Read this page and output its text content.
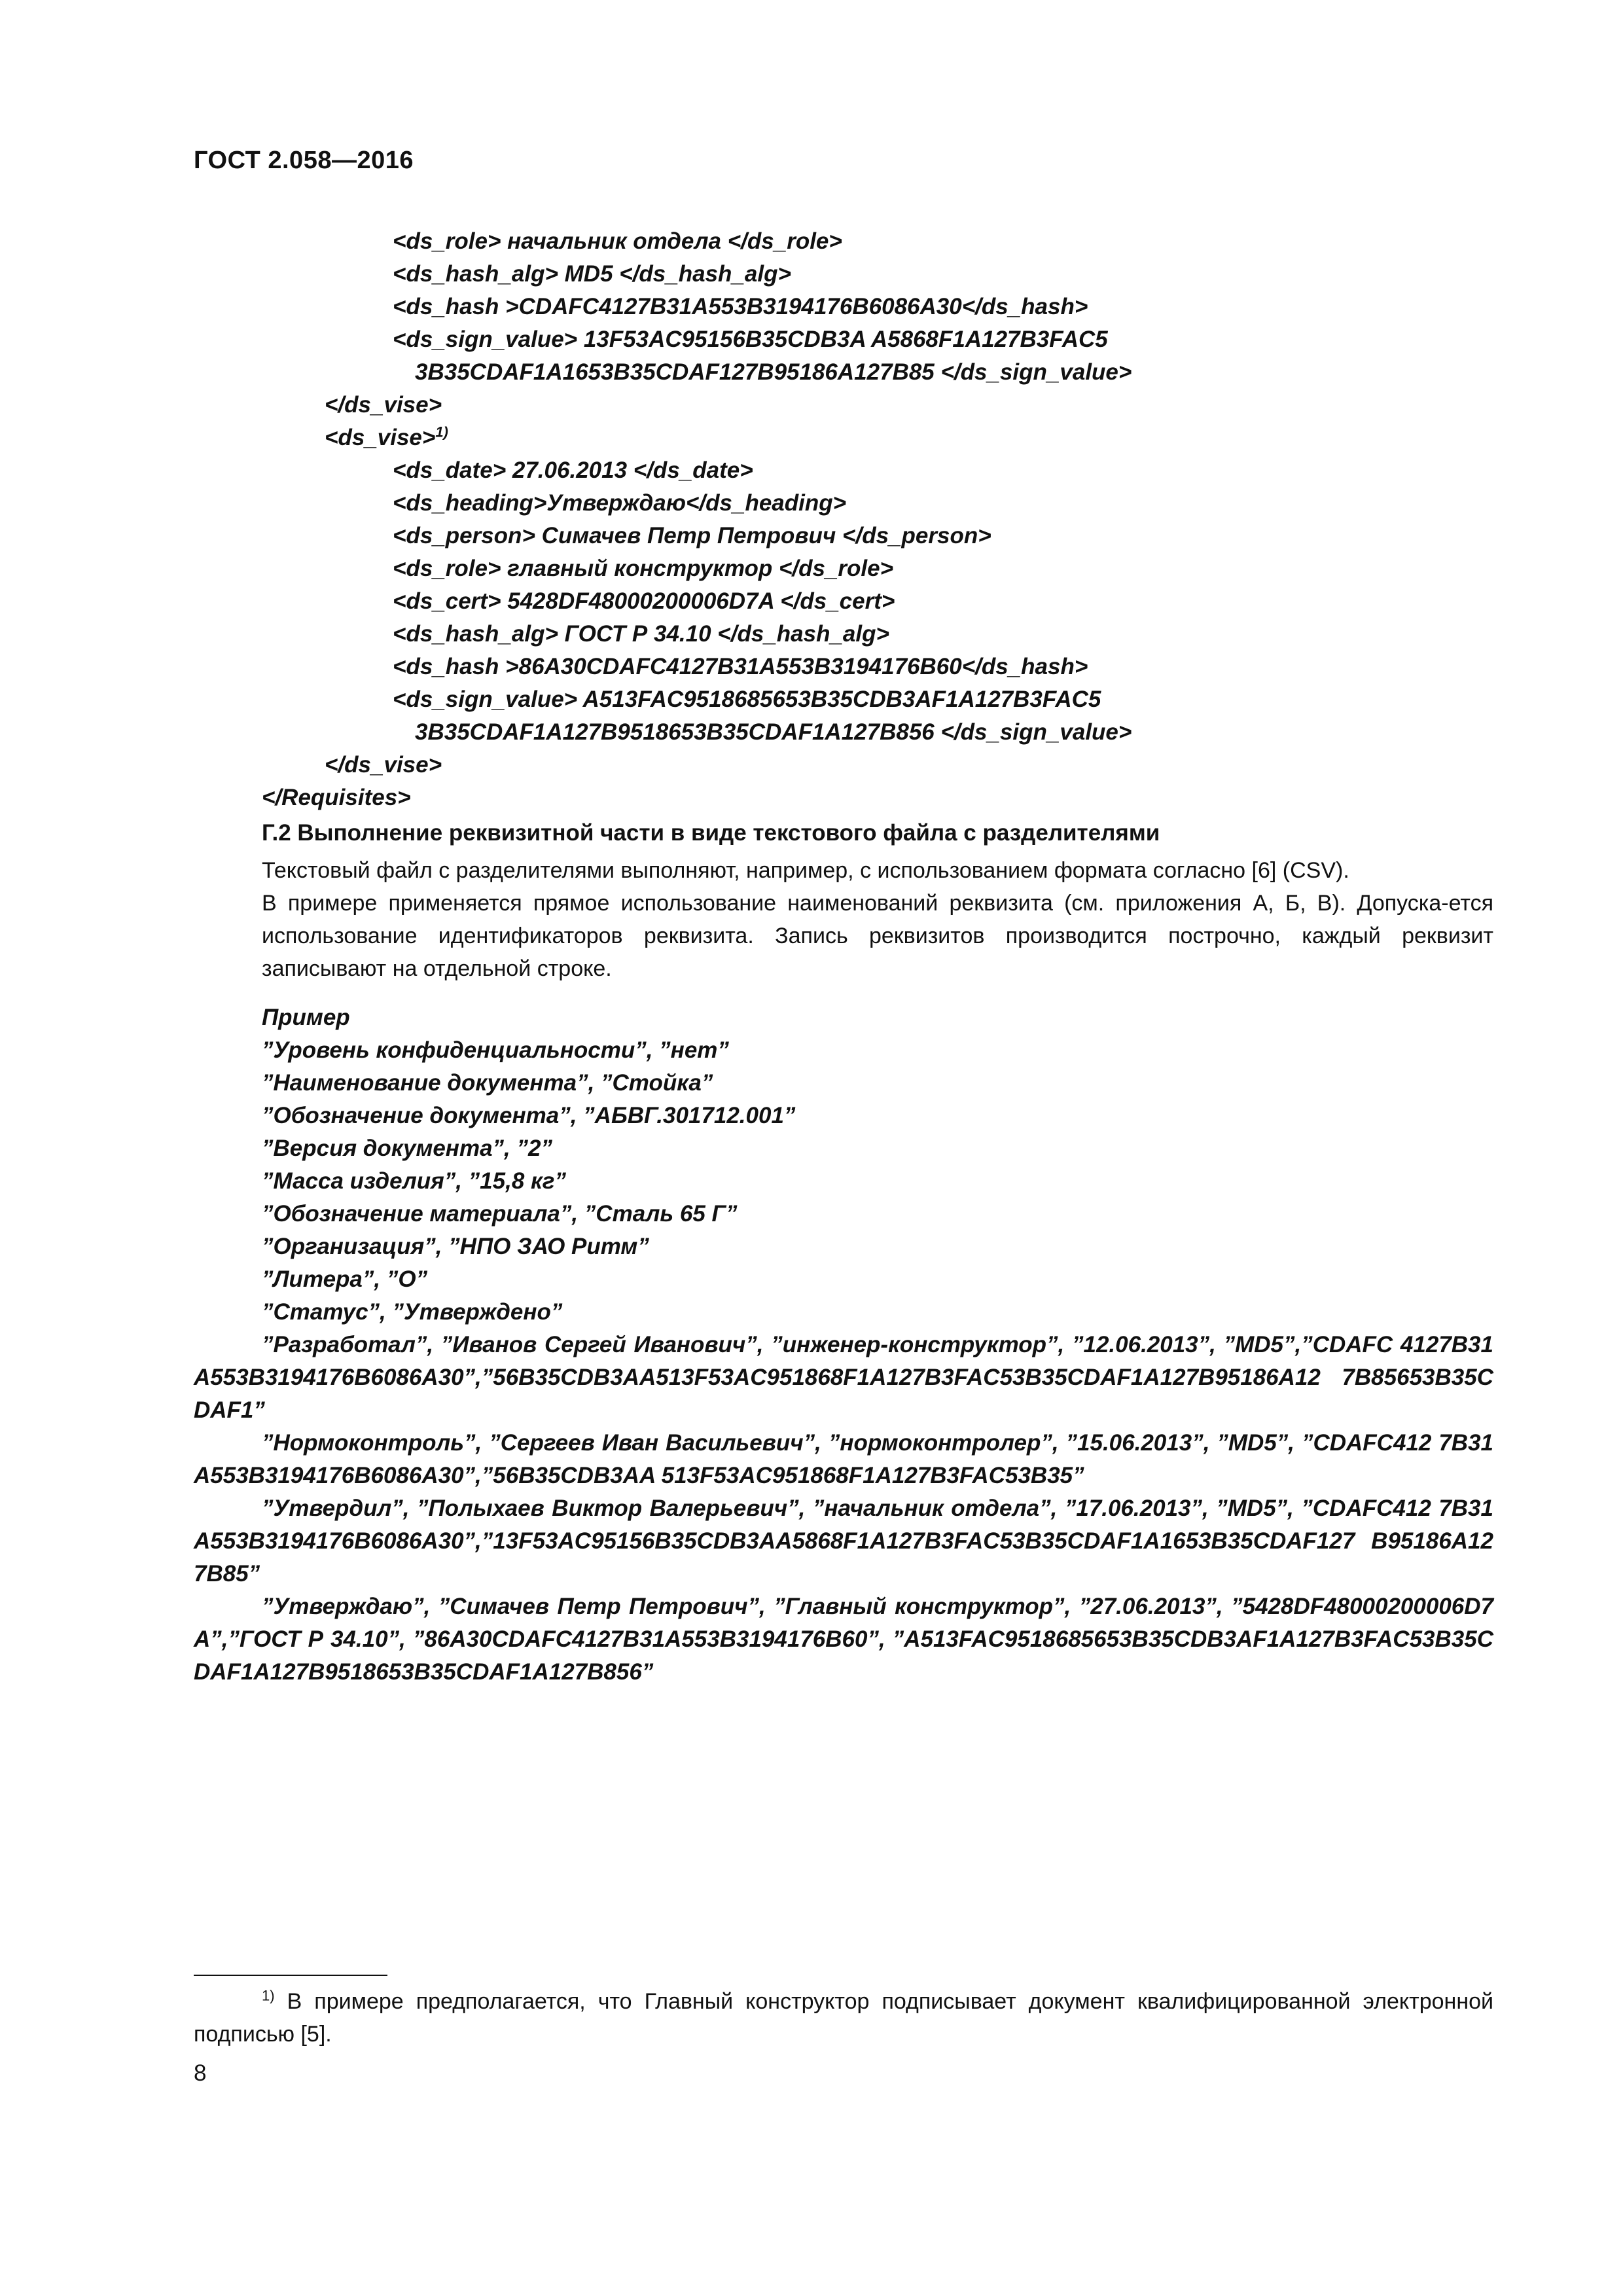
ГОСТ 2.058—2016
<ds_role> начальник отдела </ds_role>
<ds_hash_alg> MD5 </ds_hash_alg>
<ds_hash >CDAFC4127B31A553B3194176B6086A30</ds_hash>
<ds_sign_value> 13F53AC95156B35CDB3A A5868F1A127B3FAC5
3B35CDAF1A1653B35CDAF127B95186A127B85 </ds_sign_value>
</ds_vise>
<ds_vise>$^{1)}$
<ds_date> 27.06.2013 </ds_date>
<ds_heading>Утверждаю</ds_heading>
<ds_person> Симачев Петр Петрович </ds_person>
<ds_role> главный конструктор </ds_role>
<ds_cert> 5428DF48000200006D7A </ds_cert>
<ds_hash_alg> ГОСТ Р 34.10 </ds_hash_alg>
<ds_hash >86A30CDAFC4127B31A553B3194176B60</ds_hash>
<ds_sign_value> A513FAC9518685653B35CDB3AF1A127B3FAC5
3B35CDAF1A127B9518653B35CDAF1A127B856 </ds_sign_value>
</ds_vise>
</Requisites>
Г.2 Выполнение реквизитной части в виде текстового файла с разделителями

Текстовый файл с разделителями выполняют, например, с использованием формата согласно [6] (CSV).

В примере применяется прямое использование наименований реквизита (см. приложения А, Б, В). Допуска-ется использование идентификаторов реквизита. Запись реквизитов производится построчно, каждый реквизит записывают на отдельной строке.

Пример
”Уровень конфиденциальности”, ”нет”
”Наименование документа”, ”Стойка”
”Обозначение документа”, ”АБВГ.301712.001”
”Версия документа”, ”2”
”Масса изделия”, ”15,8 кг”
”Обозначение материала”, ”Сталь 65 Г”
”Организация”, ”НПО ЗАО Ритм”
”Литера”, ”О”
”Статус”, ”Утверждено”
”Разработал”, ”Иванов Сергей Иванович”, ”инженер-конструктор”, ”12.06.2013”, ”MD5”,”CDAFC 4127B31A553B3194176B6086A30”,”56B35CDB3AA513F53AC951868F1A127B3FAC53B35CDAF1A127B95186A12 7B85653B35CDAF1”
”Нормоконтроль”, ”Сергеев Иван Васильевич”, ”нормоконтролер”, ”15.06.2013”, ”MD5”, ”CDAFC412 7B31A553B3194176B6086A30”,”56B35CDB3AA 513F53AC951868F1A127B3FAC53B35”
”Утвердил”, ”Полыхаев Виктор Валерьевич”, ”начальник отдела”, ”17.06.2013”, ”MD5”, ”CDAFC412 7B31A553B3194176B6086A30”,”13F53AC95156B35CDB3AA5868F1A127B3FAC53B35CDAF1A1653B35CDAF127 B95186A127B85”
”Утверждаю”, ”Симачев Петр Петрович”, ”Главный конструктор”, ”27.06.2013”, ”5428DF48000200006D7A”,”ГОСТ Р 34.10”, ”86A30CDAFC4127B31A553B3194176B60”, ”A513FAC9518685653B35CDB3AF1A127B3FAC53B35CDAF1A127B9518653B35CDAF1A127B856”
$^{1)}$ В примере предполагается, что Главный конструктор подписывает документ квалифицированной электронной подписью [5].
8
